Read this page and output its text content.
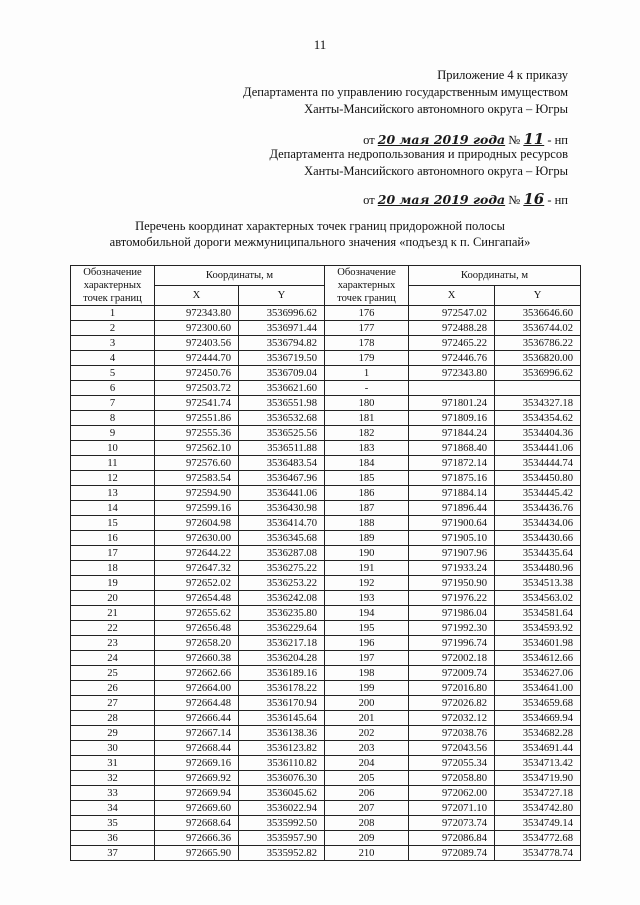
11
Приложение 4 к приказу
Департамента по управлению государственным имуществом
Ханты-Мансийского автономного округа – Югры
от 20 мая 2019 года № 11 - нп
Департамента недропользования и природных ресурсов
Ханты-Мансийского автономного округа – Югры
от 20 мая 2019 года № 16 - нп
Перечень координат характерных точек границ придорожной полосы
автомобильной дороги межмуниципального значения «подъезд к п. Сингапай»
Обозначение характерных точек границ	Координаты, м		Обозначение характерных точек границ	Координаты, м	
	X	Y		X	Y
1	972343.80	3536996.62	176	972547.02	3536646.60
2	972300.60	3536971.44	177	972488.28	3536744.02
3	972403.56	3536794.82	178	972465.22	3536786.22
4	972444.70	3536719.50	179	972446.76	3536820.00
5	972450.76	3536709.04	1	972343.80	3536996.62
6	972503.72	3536621.60	-		
7	972541.74	3536551.98	180	971801.24	3534327.18
8	972551.86	3536532.68	181	971809.16	3534354.62
9	972555.36	3536525.56	182	971844.24	3534404.36
10	972562.10	3536511.88	183	971868.40	3534441.06
11	972576.60	3536483.54	184	971872.14	3534444.74
12	972583.54	3536467.96	185	971875.16	3534450.80
13	972594.90	3536441.06	186	971884.14	3534445.42
14	972599.16	3536430.98	187	971896.44	3534436.76
15	972604.98	3536414.70	188	971900.64	3534434.06
16	972630.00	3536345.68	189	971905.10	3534430.66
17	972644.22	3536287.08	190	971907.96	3534435.64
18	972647.32	3536275.22	191	971933.24	3534480.96
19	972652.02	3536253.22	192	971950.90	3534513.38
20	972654.48	3536242.08	193	971976.22	3534563.02
21	972655.62	3536235.80	194	971986.04	3534581.64
22	972656.48	3536229.64	195	971992.30	3534593.92
23	972658.20	3536217.18	196	971996.74	3534601.98
24	972660.38	3536204.28	197	972002.18	3534612.66
25	972662.66	3536189.16	198	972009.74	3534627.06
26	972664.00	3536178.22	199	972016.80	3534641.00
27	972664.48	3536170.94	200	972026.82	3534659.68
28	972666.44	3536145.64	201	972032.12	3534669.94
29	972667.14	3536138.36	202	972038.76	3534682.28
30	972668.44	3536123.82	203	972043.56	3534691.44
31	972669.16	3536110.82	204	972055.34	3534713.42
32	972669.92	3536076.30	205	972058.80	3534719.90
33	972669.94	3536045.62	206	972062.00	3534727.18
34	972669.60	3536022.94	207	972071.10	3534742.80
35	972668.64	3535992.50	208	972073.74	3534749.14
36	972666.36	3535957.90	209	972086.84	3534772.68
37	972665.90	3535952.82	210	972089.74	3534778.74
